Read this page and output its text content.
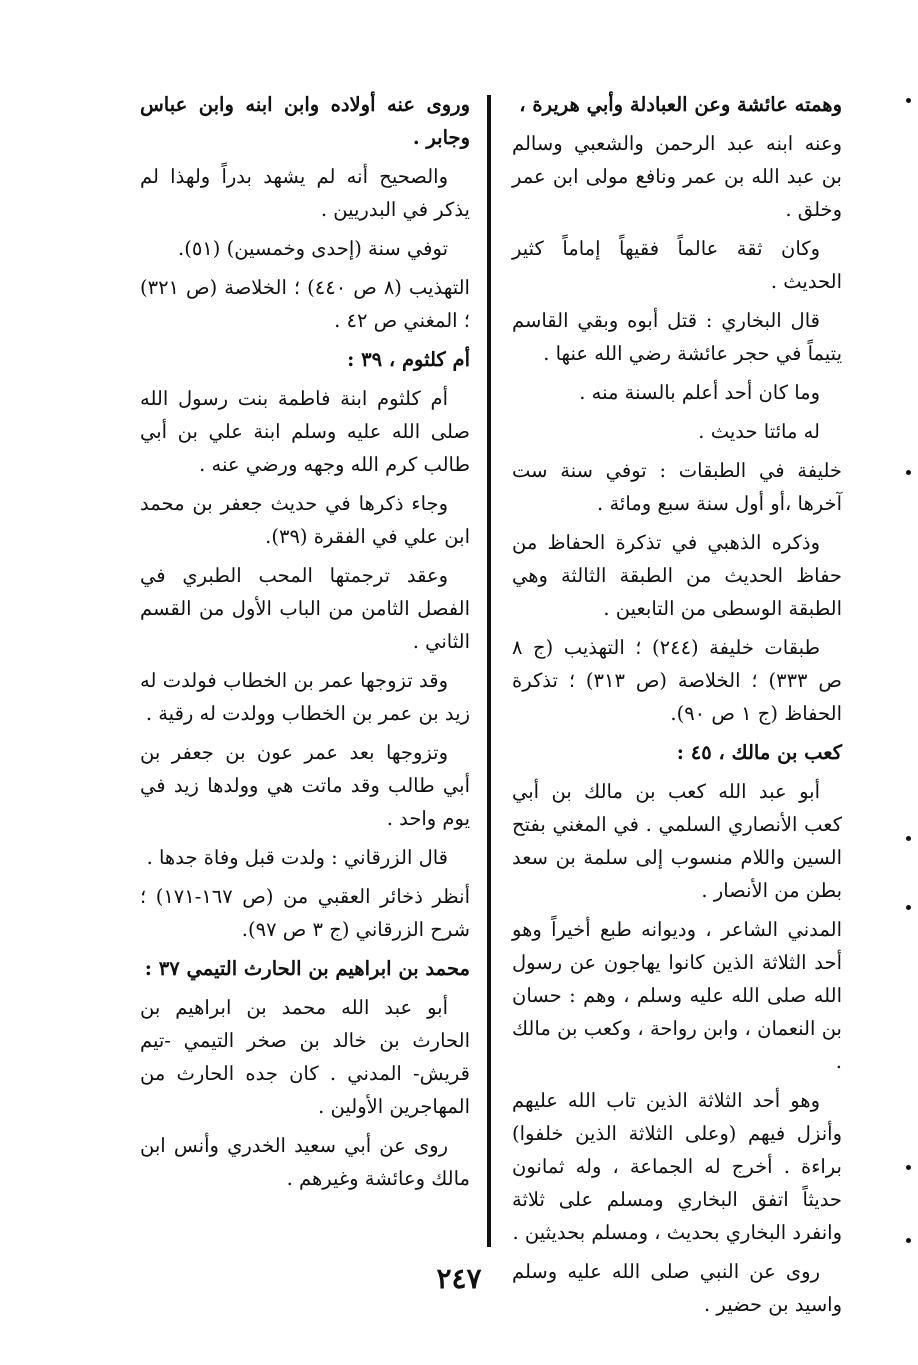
وهمته عائشة وعن العبادلة وأبي هريرة ،

وعنه ابنه عبد الرحمن والشعبي وسالم بن عبد الله بن عمر ونافع مولى ابن عمر وخلق .

وكان ثقة عالماً فقيهاً إماماً كثير الحديث .

قال البخاري : قتل أبوه وبقي القاسم يتيماً في حجر عائشة رضي الله عنها .

وما كان أحد أعلم بالسنة منه .

له مائتا حديث .

خليفة في الطبقات : توفي سنة ست آخرها ،أو أول سنة سبع ومائة .

وذكره الذهبي في تذكرة الحفاظ من حفاظ الحديث من الطبقة الثالثة وهي الطبقة الوسطى من التابعين .

طبقات خليفة (٢٤٤) ؛ التهذيب (ج ٨ ص ٣٣٣) ؛ الخلاصة (ص ٣١٣) ؛ تذكرة الحفاظ (ج ١ ص ٩٠).

كعب بن مالك ، ٤٥ :

أبو عبد الله كعب بن مالك بن أبي كعب الأنصاري السلمي . في المغني بفتح السين واللام منسوب إلى سلمة بن سعد بطن من الأنصار .

المدني الشاعر ، وديوانه طبع أخيراً وهو أحد الثلاثة الذين كانوا يهاجون عن رسول الله صلى الله عليه وسلم ، وهم : حسان بن النعمان ، وابن رواحة ، وكعب بن مالك .

وهو أحد الثلاثة الذين تاب الله عليهم وأنزل فيهم (وعلى الثلاثة الذين خلفوا) براءة . أخرج له الجماعة ، وله ثمانون حديثاً اتفق البخاري ومسلم على ثلاثة وانفرد البخاري بحديث ، ومسلم بحديثين .

روى عن النبي صلى الله عليه وسلم واسيد بن حضير .

وروى عنه أولاده وابن ابنه وابن عباس وجابر .

والصحيح أنه لم يشهد بدراً ولهذا لم يذكر في البدريين .

توفي سنة (إحدى وخمسين) (٥١).

التهذيب (٨ ص ٤٤٠) ؛ الخلاصة (ص ٣٢١) ؛ المغني ص ٤٢ .

أم كلثوم ، ٣٩ :

أم كلثوم ابنة فاطمة بنت رسول الله صلى الله عليه وسلم ابنة علي بن أبي طالب كرم الله وجهه ورضي عنه .

وجاء ذكرها في حديث جعفر بن محمد ابن علي في الفقرة (٣٩).

وعقد ترجمتها المحب الطبري في الفصل الثامن من الباب الأول من القسم الثاني .

وقد تزوجها عمر بن الخطاب فولدت له زيد بن عمر بن الخطاب وولدت له رقية .

وتزوجها بعد عمر عون بن جعفر بن أبي طالب وقد ماتت هي وولدها زيد في يوم واحد .

قال الزرقاني : ولدت قبل وفاة جدها .

أنظر ذخائر العقبي من (ص ١٦٧-١٧١) ؛شرح الزرقاني (ج ٣ ص ٩٧).

محمد بن ابراهيم بن الحارث التيمي ٣٧ :

أبو عبد الله محمد بن ابراهيم بن الحارث بن خالد بن صخر التيمي -تيم قريش- المدني . كان جده الحارث من المهاجرين الأولين .

روى عن أبي سعيد الخدري وأنس ابن مالك وعائشة وغيرهم .

٢٤٧
